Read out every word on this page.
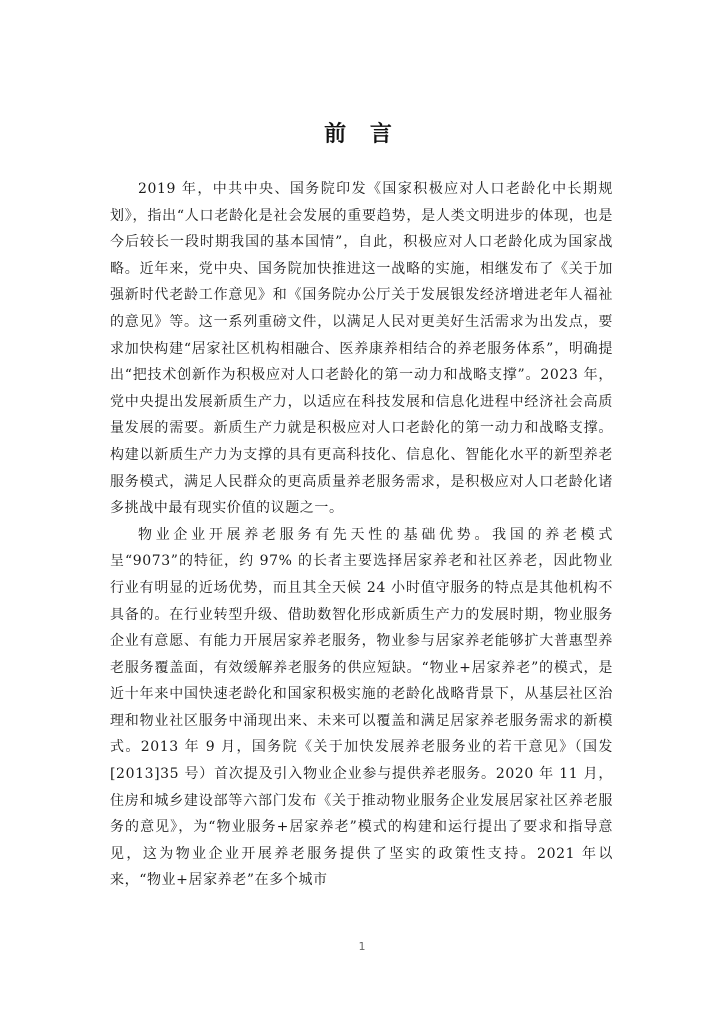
前 言

2019 年，中共中央、国务院印发《国家积极应对人口老龄化中长期规划》，指出“人口老龄化是社会发展的重要趋势，是人类文明进步的体现，也是今后较长一段时期我国的基本国情”，自此，积极应对人口老龄化成为国家战略。近年来，党中央、国务院加快推进这一战略的实施，相继发布了《关于加强新时代老龄工作意见》和《国务院办公厅关于发展银发经济增进老年人福祉的意见》等。这一系列重磅文件，以满足人民对更美好生活需求为出发点，要求加快构建“居家社区机构相融合、医养康养相结合的养老服务体系”，明确提出“把技术创新作为积极应对人口老龄化的第一动力和战略支撑”。2023 年，党中央提出发展新质生产力，以适应在科技发展和信息化进程中经济社会高质量发展的需要。新质生产力就是积极应对人口老龄化的第一动力和战略支撑。构建以新质生产力为支撑的具有更高科技化、信息化、智能化水平的新型养老服务模式，满足人民群众的更高质量养老服务需求，是积极应对人口老龄化诸多挑战中最有现实价值的议题之一。

物业企业开展养老服务有先天性的基础优势。我国的养老模式呈“9073”的特征，约 97% 的长者主要选择居家养老和社区养老，因此物业行业有明显的近场优势，而且其全天候 24 小时值守服务的特点是其他机构不具备的。在行业转型升级、借助数智化形成新质生产力的发展时期，物业服务企业有意愿、有能力开展居家养老服务，物业参与居家养老能够扩大普惠型养老服务覆盖面，有效缓解养老服务的供应短缺。“物业+居家养老”的模式，是近十年来中国快速老龄化和国家积极实施的老龄化战略背景下，从基层社区治理和物业社区服务中涌现出来、未来可以覆盖和满足居家养老服务需求的新模式。2013 年 9 月，国务院《关于加快发展养老服务业的若干意见》（国发[2013]35 号）首次提及引入物业企业参与提供养老服务。2020 年 11 月，住房和城乡建设部等六部门发布《关于推动物业服务企业发展居家社区养老服务的意见》，为“物业服务+居家养老”模式的构建和运行提出了要求和指导意见，这为物业企业开展养老服务提供了坚实的政策性支持。2021 年以来，“物业+居家养老”在多个城市

1
